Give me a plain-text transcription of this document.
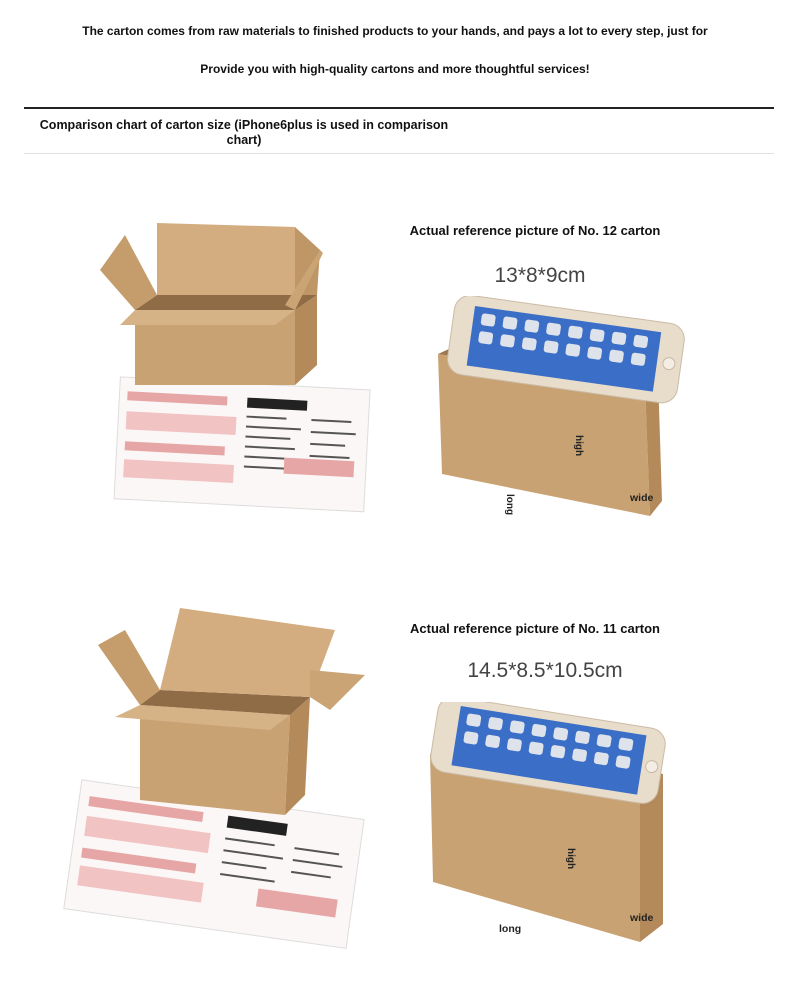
The carton comes from raw materials to finished products to your hands, and pays a lot to every step, just for
Provide you with high-quality cartons and more thoughtful services!
Comparison chart of carton size (iPhone6plus is used in comparison chart)
Actual reference picture of No. 12 carton
13*8*9cm
high
long	wide
Actual reference picture of No. 11 carton
14.5*8.5*10.5cm
high
long
wide
